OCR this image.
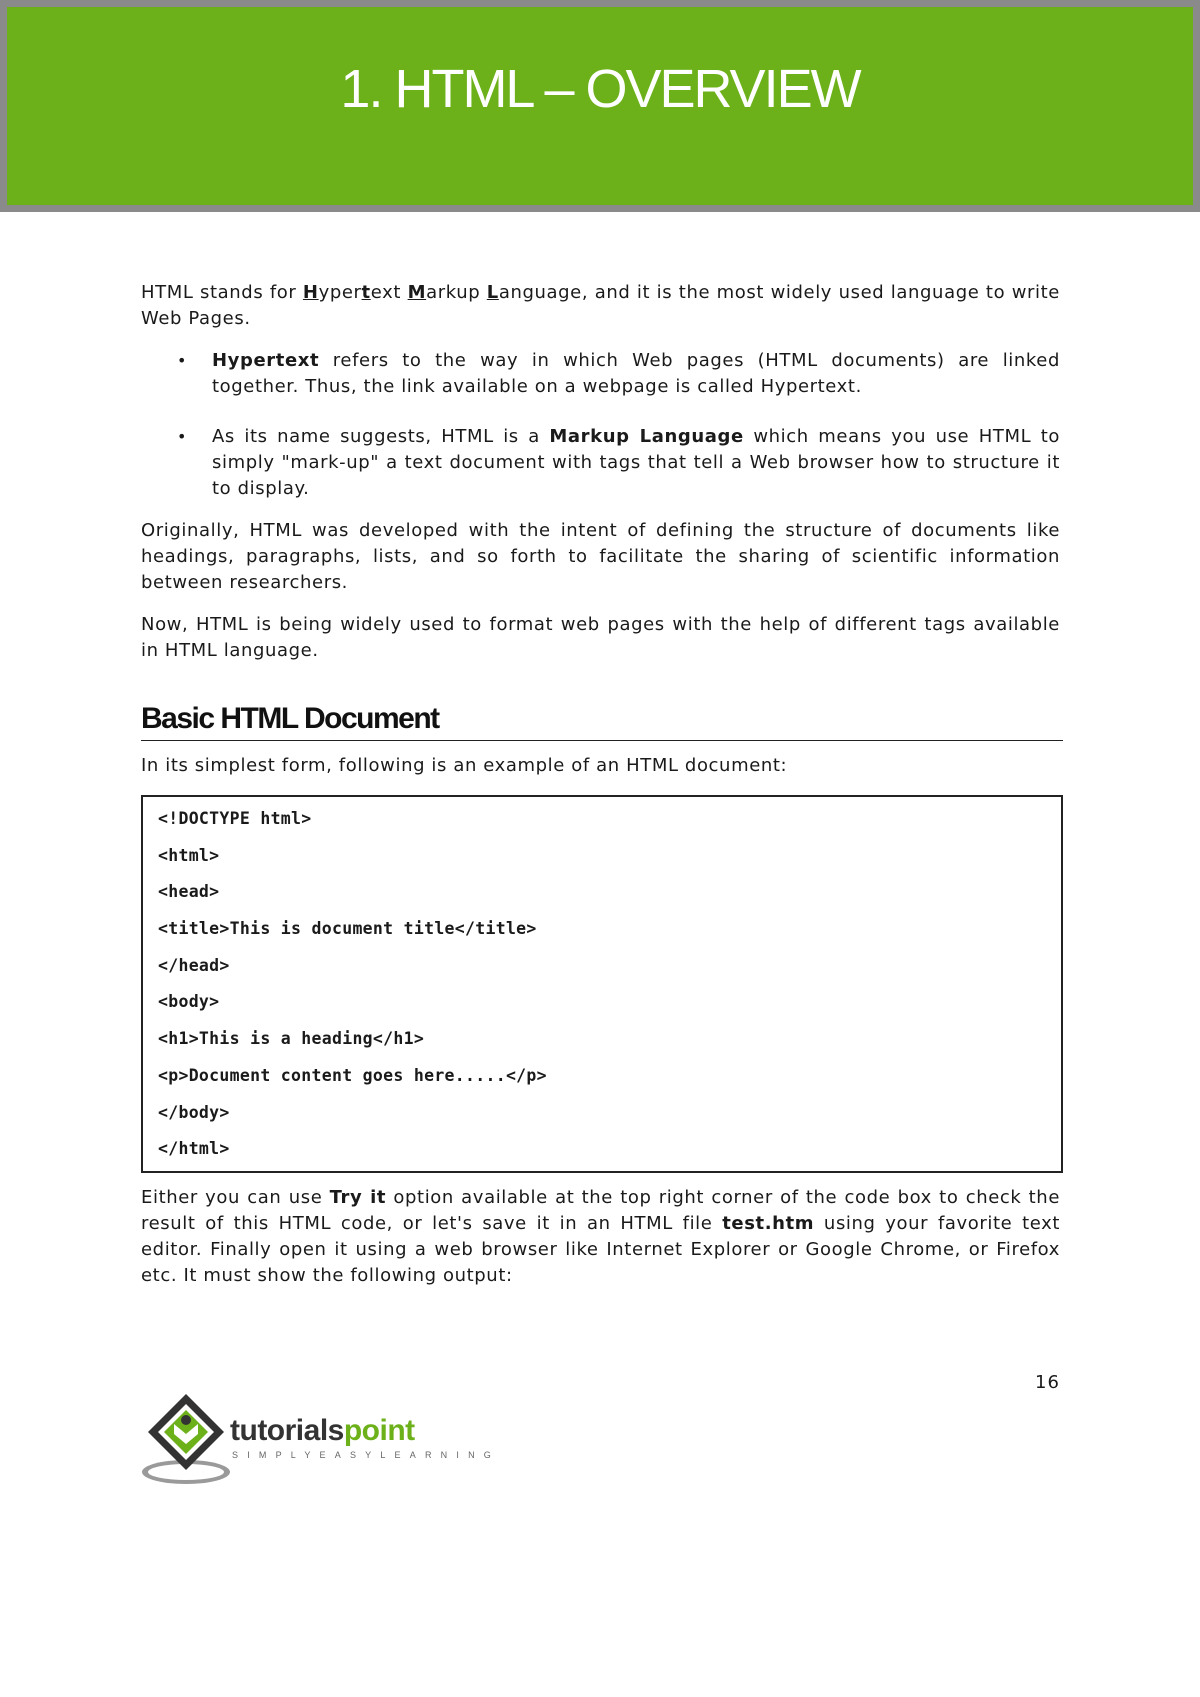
1. HTML – OVERVIEW

HTML stands for Hypertext Markup Language, and it is the most widely used language to write Web Pages.

• Hypertext refers to the way in which Web pages (HTML documents) are linked together. Thus, the link available on a webpage is called Hypertext.
• As its name suggests, HTML is a Markup Language which means you use HTML to simply "mark-up" a text document with tags that tell a Web browser how to structure it to display.

Originally, HTML was developed with the intent of defining the structure of documents like headings, paragraphs, lists, and so forth to facilitate the sharing of scientific information between researchers.

Now, HTML is being widely used to format web pages with the help of different tags available in HTML language.

Basic HTML Document

In its simplest form, following is an example of an HTML document:

<!DOCTYPE html>
<html>
<head>
<title>This is document title</title>
</head>
<body>
<h1>This is a heading</h1>
<p>Document content goes here.....</p>
</body>
</html>

Either you can use Try it option available at the top right corner of the code box to check the result of this HTML code, or let's save it in an HTML file test.htm using your favorite text editor. Finally open it using a web browser like Internet Explorer or Google Chrome, or Firefox etc. It must show the following output:

16
tutorialspoint
SIMPLYEASYLEARNING
